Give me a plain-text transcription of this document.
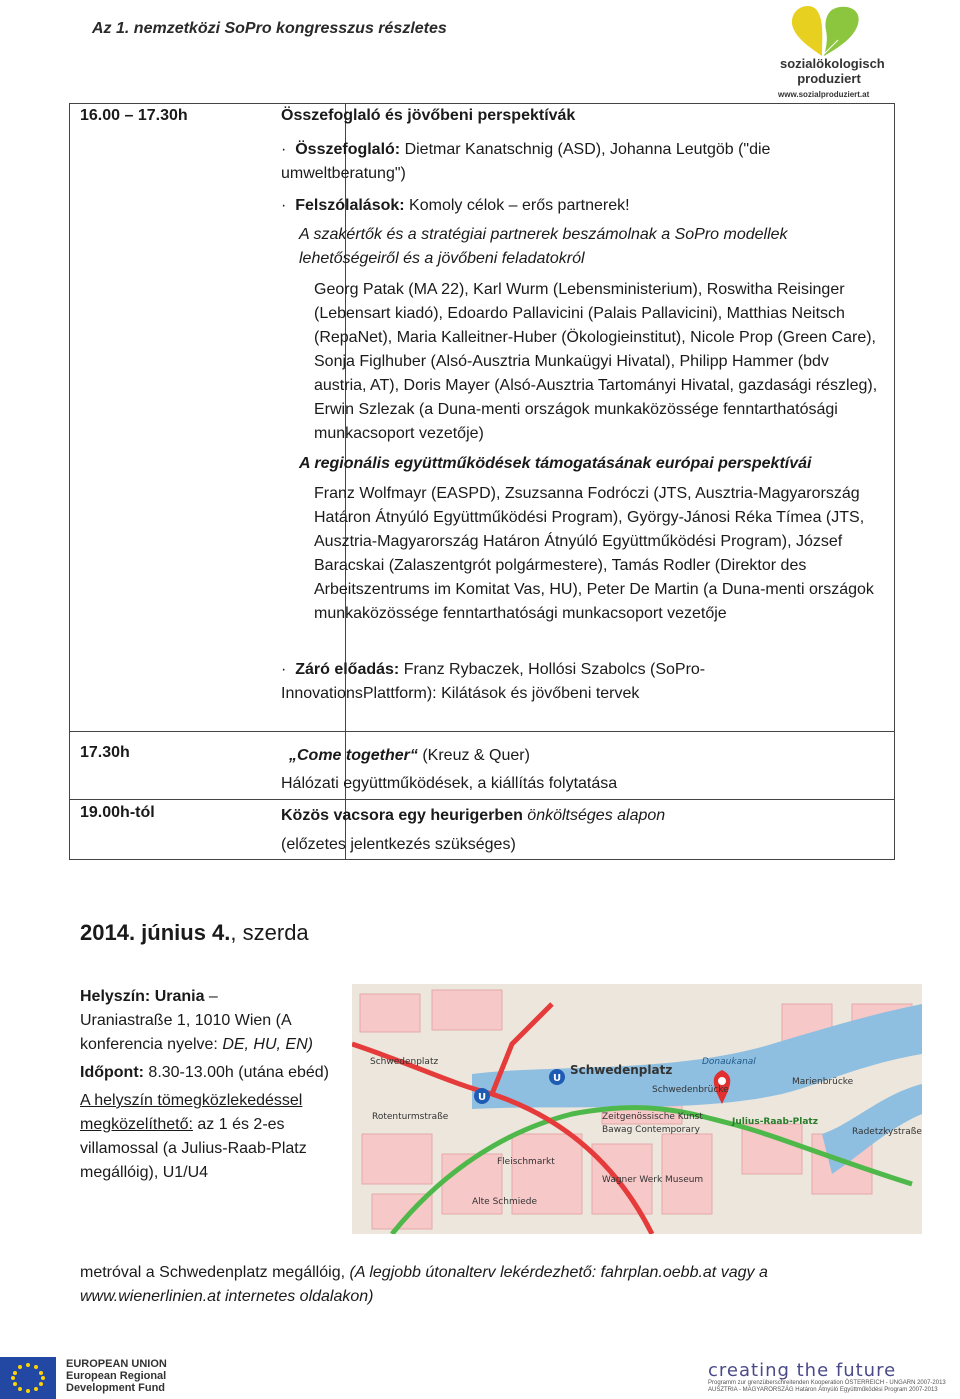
Az 1. nemzetközi SoPro kongresszus részletes
sozialökologisch
produziert
www.sozialproduziert.at
16.00 – 17.30h	Összefoglaló és jövőbeni perspektívák
·  Összefoglaló: Dietmar Kanatschnig (ASD), Johanna Leutgöb ("die umweltberatung")
·  Felszólalások: Komoly célok – erős partnerek!
A szakértők és a stratégiai partnerek beszámolnak a SoPro modellek lehetőségeiről és a jövőbeni feladatokról
Georg Patak (MA 22), Karl Wurm (Lebensministerium), Roswitha Reisinger (Lebensart kiadó), Edoardo Pallavicini (Palais Pallavicini), Matthias Neitsch (RepaNet), Maria Kalleitner-Huber (Ökologieinstitut), Nicole Prop (Green Care), Sonja Figlhuber (Alsó-Ausztria Munkaügyi Hivatal), Philipp Hammer (bdv austria, AT), Doris Mayer (Alsó-Ausztria Tartományi Hivatal, gazdasági részleg), Erwin Szlezak (a Duna-menti országok munkaközössége fenntarthatósági munkacsoport vezetője)
A regionális együttműködések támogatásának európai perspektívái
Franz Wolfmayr (EASPD), Zsuzsanna Fodróczi (JTS, Ausztria-Magyarország Határon Átnyúló Együttműködési Program), György-Jánosi Réka Tímea (JTS, Ausztria-Magyarország Határon Átnyúló Együttműködési Program), József Baracskai (Zalaszentgrót polgármestere), Tamás Rodler (Direktor des Arbeitszentrums im Komitat Vas, HU), Peter De Martin (a Duna-menti országok munkaközössége fenntarthatósági munkacsoport vezetője
·  Záró előadás: Franz Rybaczek, Hollósi Szabolcs (SoPro-InnovationsPlattform): Kilátások és jövőbeni tervek
17.30h	„Come together“ (Kreuz & Quer)
Hálózati együttműködések, a kiállítás folytatása
19.00h-tól	Közös vacsora egy heurigerben önköltséges alapon
(előzetes jelentkezés szükséges)
2014. június 4., szerda
Helyszín: Urania –
Uraniastraße 1, 1010 Wien (A konferencia nyelve: DE, HU, EN)
Időpont: 8.30-13.00h (utána ebéd)
A helyszín tömegközlekedéssel megközelíthető: az 1 és 2-es villamossal (a Julius-Raab-Platz megállóig), U1/U4
metróval a Schwedenplatz megállóig, (A legjobb útonalterv lekérdezhető: fahrplan.oebb.at vagy a www.wienerlinien.at internetes oldalakon)
U
U
Schwedenplatz
Schwedenplatz
Julius-Raab-Platz
Donaukanal
Rotenturmstraße
Fleischmarkt
Zeitgenössische Kunst
Bawag Contemporary
Wagner Werk Museum
Alte Schmiede
Marienbrücke
Radetzkystraße
Schwedenbrücke
EUROPEAN UNION
European Regional
Development Fund
creating the future
Programm zur grenzüberschreitenden Kooperation ÖSTERREICH - UNGARN 2007-2013 AUSZTRIA - MAGYARORSZÁG Határon Átnyúló Együttműködési Program 2007-2013
